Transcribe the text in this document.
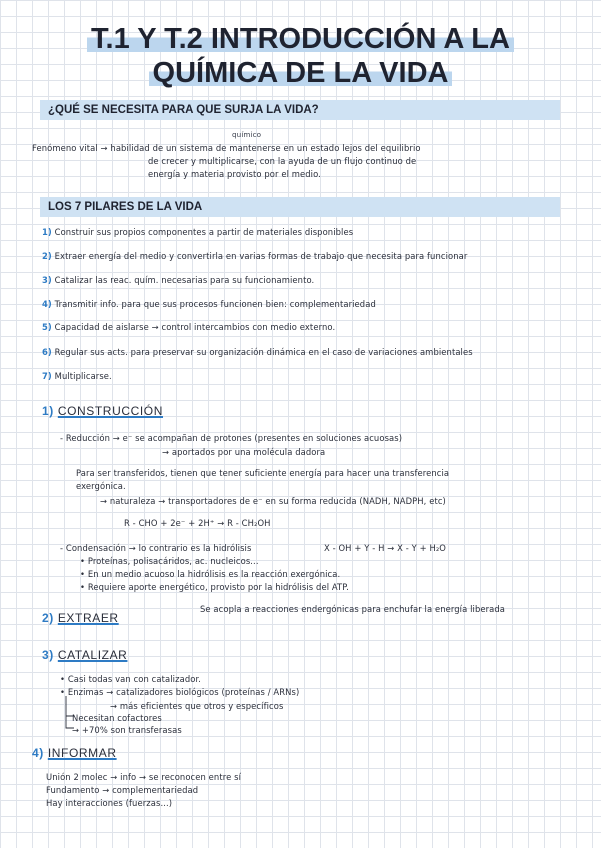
T.1 Y T.2 INTRODUCCIÓN A LA
QUÍMICA DE LA VIDA
¿QUÉ SE NECESITA PARA QUE SURJA LA VIDA?
químico
Fenómeno vital → habilidad de un sistema de mantenerse en un estado lejos del equilibrio
de crecer y multiplicarse, con la ayuda de un flujo continuo de
energía y materia provisto por el medio.
LOS 7 PILARES DE LA VIDA
1) Construir sus propios componentes a partir de materiales disponibles
2) Extraer energía del medio y convertirla en varias formas de trabajo que necesita para funcionar
3) Catalizar las reac. quím. necesarias para su funcionamiento.
4) Transmitir info. para que sus procesos funcionen bien: complementariedad
5) Capacidad de aislarse → control intercambios con medio externo.
6) Regular sus acts. para preservar su organización dinámica en el caso de variaciones ambientales
7) Multiplicarse.
1) CONSTRUCCIÓN
- Reducción → e⁻ se acompañan de protones (presentes en soluciones acuosas)
→ aportados por una molécula dadora
Para ser transferidos, tienen que tener suficiente energía para hacer una transferencia
exergónica.
→ naturaleza → transportadores de e⁻ en su forma reducida (NADH, NADPH, etc)
R - CHO + 2e⁻ + 2H⁺ → R - CH₂OH
- Condensación → lo contrario es la hidrólisis	X - OH + Y - H → X - Y + H₂O
• Proteínas, polisacáridos, ac. nucleicos...
• En un medio acuoso la hidrólisis es la reacción exergónica.
• Requiere aporte energético, provisto por la hidrólisis del ATP.
Se acopla a reacciones endergónicas para enchufar la energía liberada
2) EXTRAER
3) CATALIZAR
• Casi todas van con catalizador.
• Enzimas → catalizadores biológicos (proteínas / ARNs)
→ más eficientes que otros y específicos
Necesitan cofactores
→ +70% son transferasas
4) INFORMAR
Unión 2 molec → info → se reconocen entre sí
Fundamento → complementariedad
Hay interacciones (fuerzas...)
